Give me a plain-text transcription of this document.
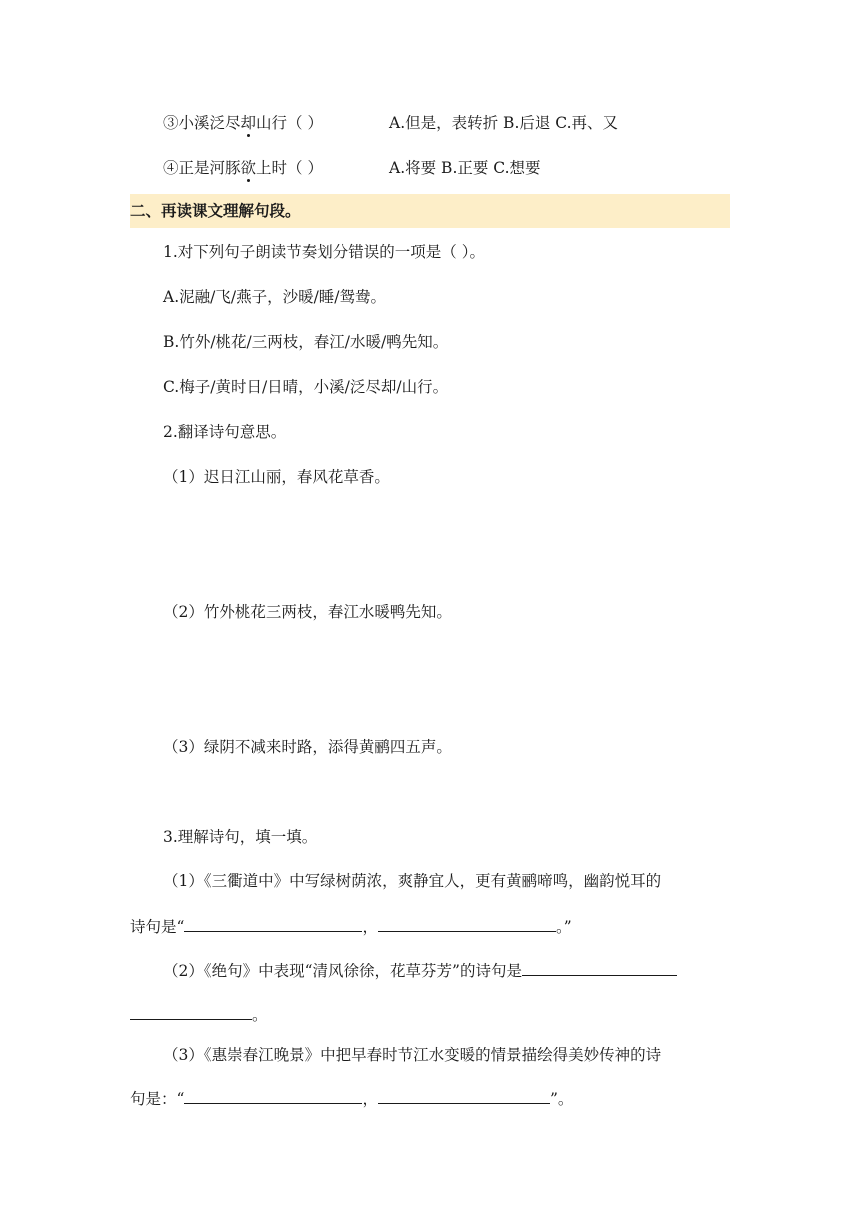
③小溪泛尽却山行（ ）	A.但是，表转折 B.后退 C.再、又
④正是河豚欲上时（ ）	A.将要 B.正要 C.想要
二、再读课文理解句段。
1.对下列句子朗读节奏划分错误的一项是（ ）。
A.泥融/飞/燕子，沙暖/睡/鸳鸯。
B.竹外/桃花/三两枝，春江/水暖/鸭先知。
C.梅子/黄时日/日晴，小溪/泛尽却/山行。
2.翻译诗句意思。
（1）迟日江山丽，春风花草香。
（2）竹外桃花三两枝，春江水暖鸭先知。
（3）绿阴不减来时路，添得黄鹂四五声。
3.理解诗句，填一填。
（1）《三衢道中》中写绿树荫浓，爽静宜人，更有黄鹂啼鸣，幽韵悦耳的
诗句是“	，	。”
（2）《绝句》中表现“清风徐徐，花草芬芳”的诗句是
。
（3）《惠崇春江晚景》中把早春时节江水变暖的情景描绘得美妙传神的诗
句是：“	，	”。
